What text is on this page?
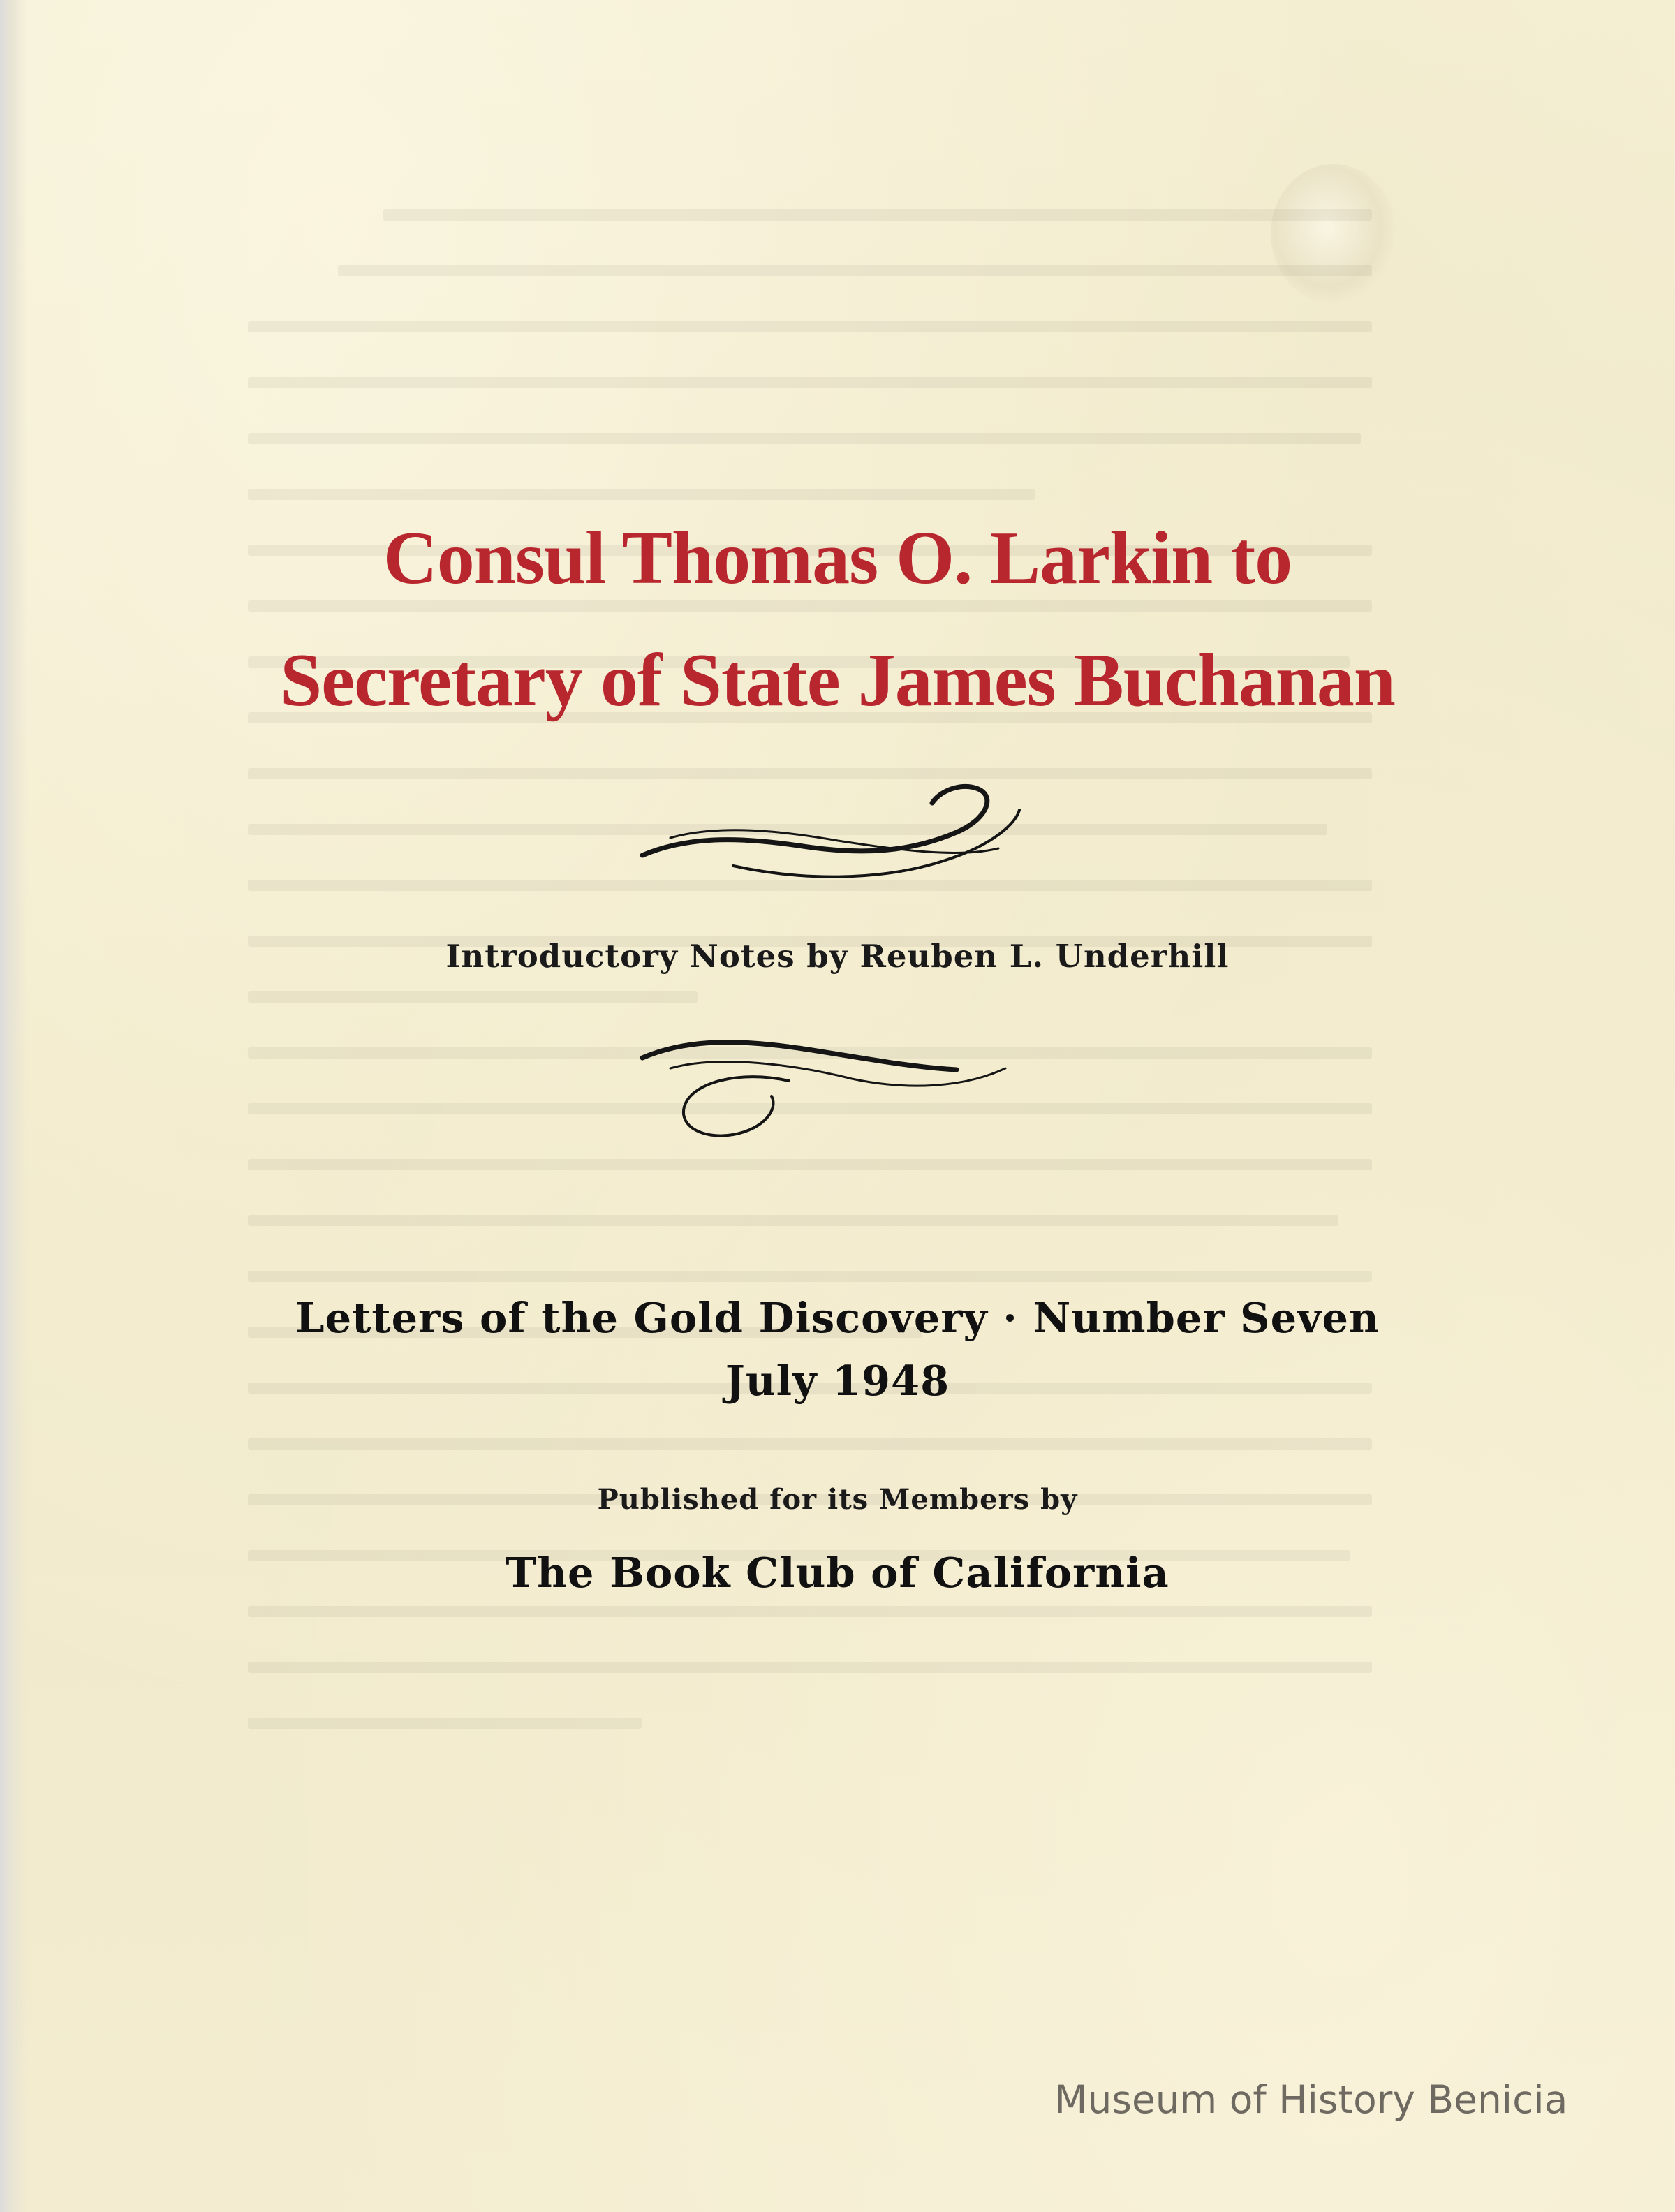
Consul Thomas O. Larkin to
Secretary of State James Buchanan

Introductory Notes by Reuben L. Underhill

Letters of the Gold Discovery · Number Seven

July 1948

Published for its Members by

The Book Club of California

Museum of History Benicia
